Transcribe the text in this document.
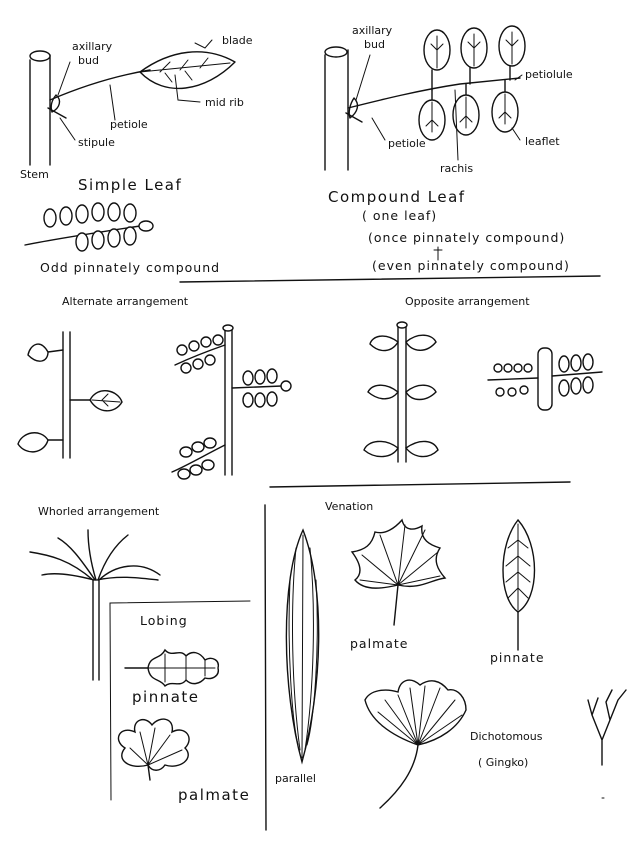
axillary
bud
blade
mid rib
petiole
stipule
Stem
Simple Leaf
Odd pinnately compound
axillary
bud
petiolule
petiole	leaflet
rachis
Compound Leaf
( one leaf)
(once pinnately compound)
(even pinnately compound)
Alternate arrangement	Opposite arrangement
Whorled arrangement
Lobing
pinnate
palmate
Venation
parallel
palmate
pinnate
Dichotomous
( Gingko)
